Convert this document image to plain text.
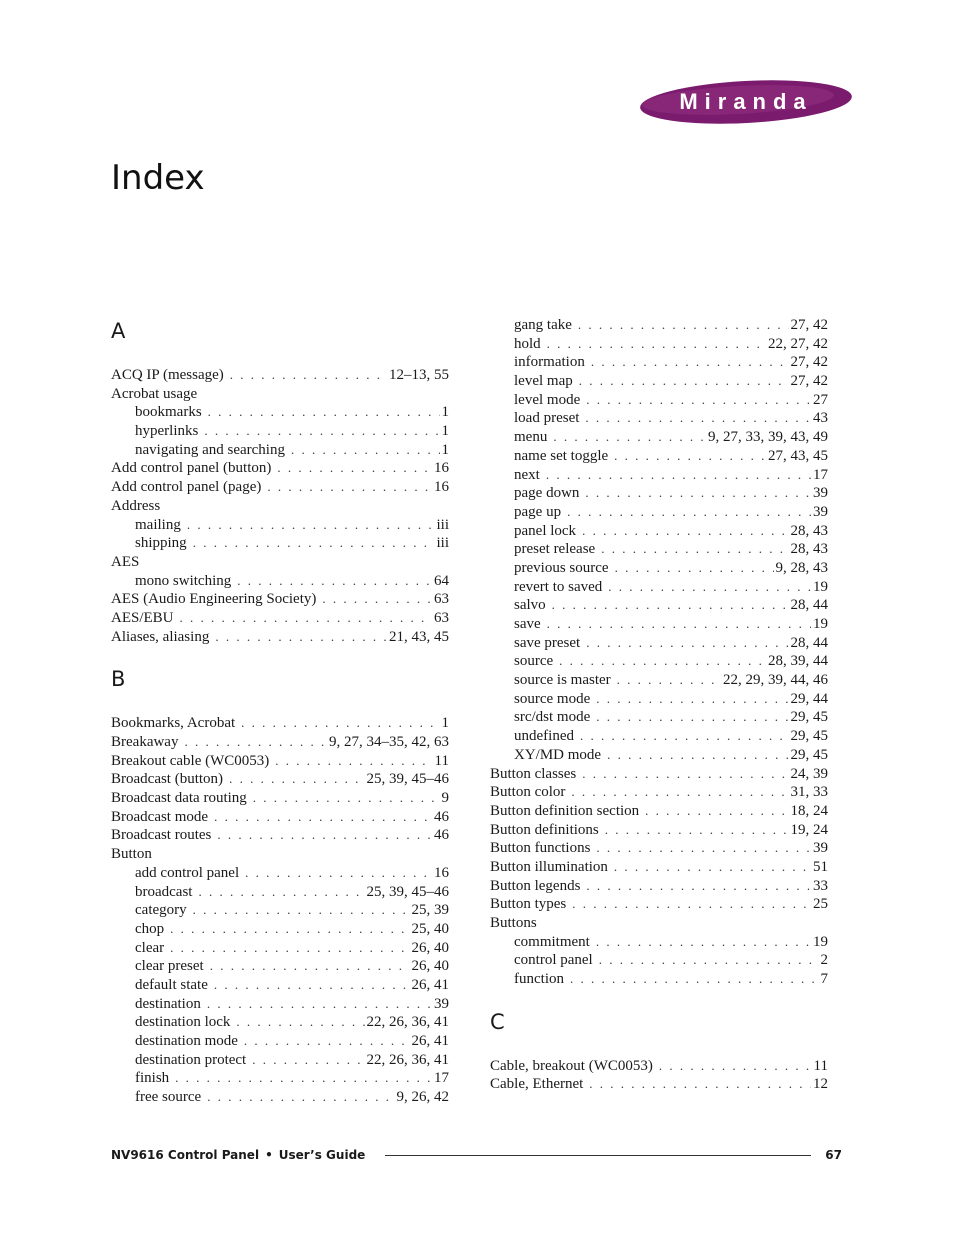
Miranda
Index
A
ACQ IP (message) . . .	12–13, 55
Acrobat usage
bookmarks . . .	1
hyperlinks . . .	1
navigating and searching . . .	1
Add control panel (button) . . .	16
Add control panel (page) . . .	16
Address
mailing . . .	iii
shipping . . .	iii
AES
mono switching . . .	64
AES (Audio Engineering Society) . . .	63
AES/EBU . . .	63
Aliases, aliasing . . .	21, 43, 45
B
Bookmarks, Acrobat . . .	1
Breakaway . . .	9, 27, 34–35, 42, 63
Breakout cable (WC0053) . . .	11
Broadcast (button) . . .	25, 39, 45–46
Broadcast data routing . . .	9
Broadcast mode . . .	46
Broadcast routes . . .	46
Button
add control panel . . .	16
broadcast . . .	25, 39, 45–46
category . . .	25, 39
chop . . .	25, 40
clear . . .	26, 40
clear preset . . .	26, 40
default state . . .	26, 41
destination . . .	39
destination lock . . .	22, 26, 36, 41
destination mode . . .	26, 41
destination protect . . .	22, 26, 36, 41
finish . . .	17
free source . . .	9, 26, 42
gang take . . .	27, 42
hold . . .	22, 27, 42
information . . .	27, 42
level map . . .	27, 42
level mode . . .	27
load preset . . .	43
menu . . .	9, 27, 33, 39, 43, 49
name set toggle . . .	27, 43, 45
next . . .	17
page down . . .	39
page up . . .	39
panel lock . . .	28, 43
preset release . . .	28, 43
previous source . . .	9, 28, 43
revert to saved . . .	19
salvo . . .	28, 44
save . . .	19
save preset . . .	28, 44
source . . .	28, 39, 44
source is master . . .	22, 29, 39, 44, 46
source mode . . .	29, 44
src/dst mode . . .	29, 45
undefined . . .	29, 45
XY/MD mode . . .	29, 45
Button classes . . .	24, 39
Button color . . .	31, 33
Button definition section . . .	18, 24
Button definitions . . .	19, 24
Button functions . . .	39
Button illumination . . .	51
Button legends . . .	33
Button types . . .	25
Buttons
commitment . . .	19
control panel . . .	2
function . . .	7
C
Cable, breakout (WC0053) . . .	11
Cable, Ethernet . . .	12
NV9616 Control Panel • User’s Guide	67
